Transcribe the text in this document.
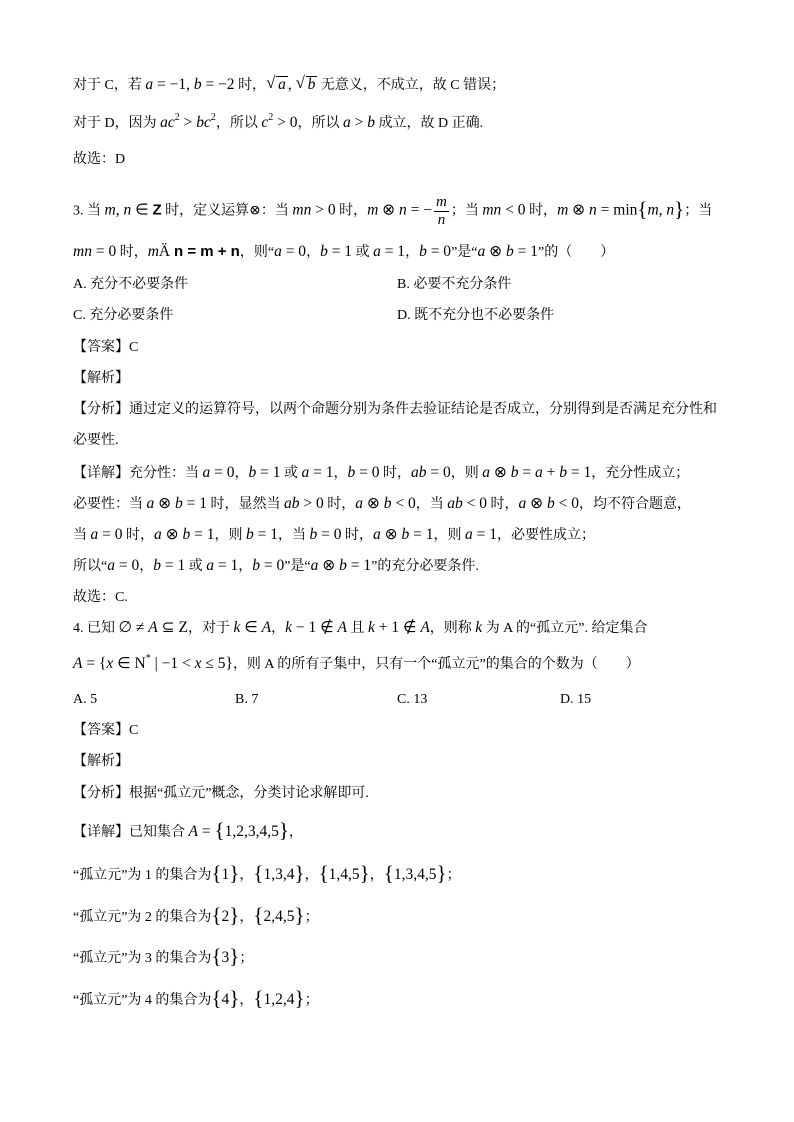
对于 C，若 a = −1, b = −2 时，√ a , √ b 无意义，不成立，故 C 错误；
对于 D，因为 $ac^2 > bc^2$，所以 $c^2 > 0$，所以 a > b 成立，故 D 正确.
故选：D
3. 当 m, n ∈ Z 时，定义运算⊗：当 mn > 0 时，m ⊗ n = − $\frac{m}{n}$ ；当 mn < 0 时，m ⊗ n = min{m, n}；当
mn = 0 时，mÄ n = m + n，则“a = 0，b = 1 或 a = 1，b = 0”是“a ⊗ b = 1”的（　　）
A. 充分不必要条件	B. 必要不充分条件
C. 充分必要条件	D. 既不充分也不必要条件
【答案】C
【解析】
【分析】通过定义的运算符号，以两个命题分别为条件去验证结论是否成立，分别得到是否满足充分性和
必要性.
【详解】充分性：当 a = 0，b = 1 或 a = 1，b = 0 时，ab = 0，则 a ⊗ b = a + b = 1，充分性成立；
必要性：当 a ⊗ b = 1 时，显然当 ab > 0 时，a ⊗ b < 0，当 ab < 0 时，a ⊗ b < 0，均不符合题意，
当 a = 0 时，a ⊗ b = 1，则 b = 1，当 b = 0 时，a ⊗ b = 1，则 a = 1，必要性成立；
所以“a = 0，b = 1 或 a = 1，b = 0”是“a ⊗ b = 1”的充分必要条件.
故选：C.
4. 已知 ∅ ≠ A ⊆ Z，对于 k ∈ A，k − 1 ∉ A 且 k + 1 ∉ A，则称 k 为 A 的“孤立元”. 给定集合
A = {x ∈ N* | −1 < x ≤ 5}，则 A 的所有子集中，只有一个“孤立元”的集合的个数为（　　）
A. 5	B. 7	C. 13	D. 15
【答案】C
【解析】
【分析】根据“孤立元”概念，分类讨论求解即可.
【详解】已知集合 A = {1,2,3,4,5}，
“孤立元”为 1 的集合为{1}，{1,3,4}，{1,4,5}，{1,3,4,5}；
“孤立元”为 2 的集合为{2}，{2,4,5}；
“孤立元”为 3 的集合为{3}；
“孤立元”为 4 的集合为{4}，{1,2,4}；
